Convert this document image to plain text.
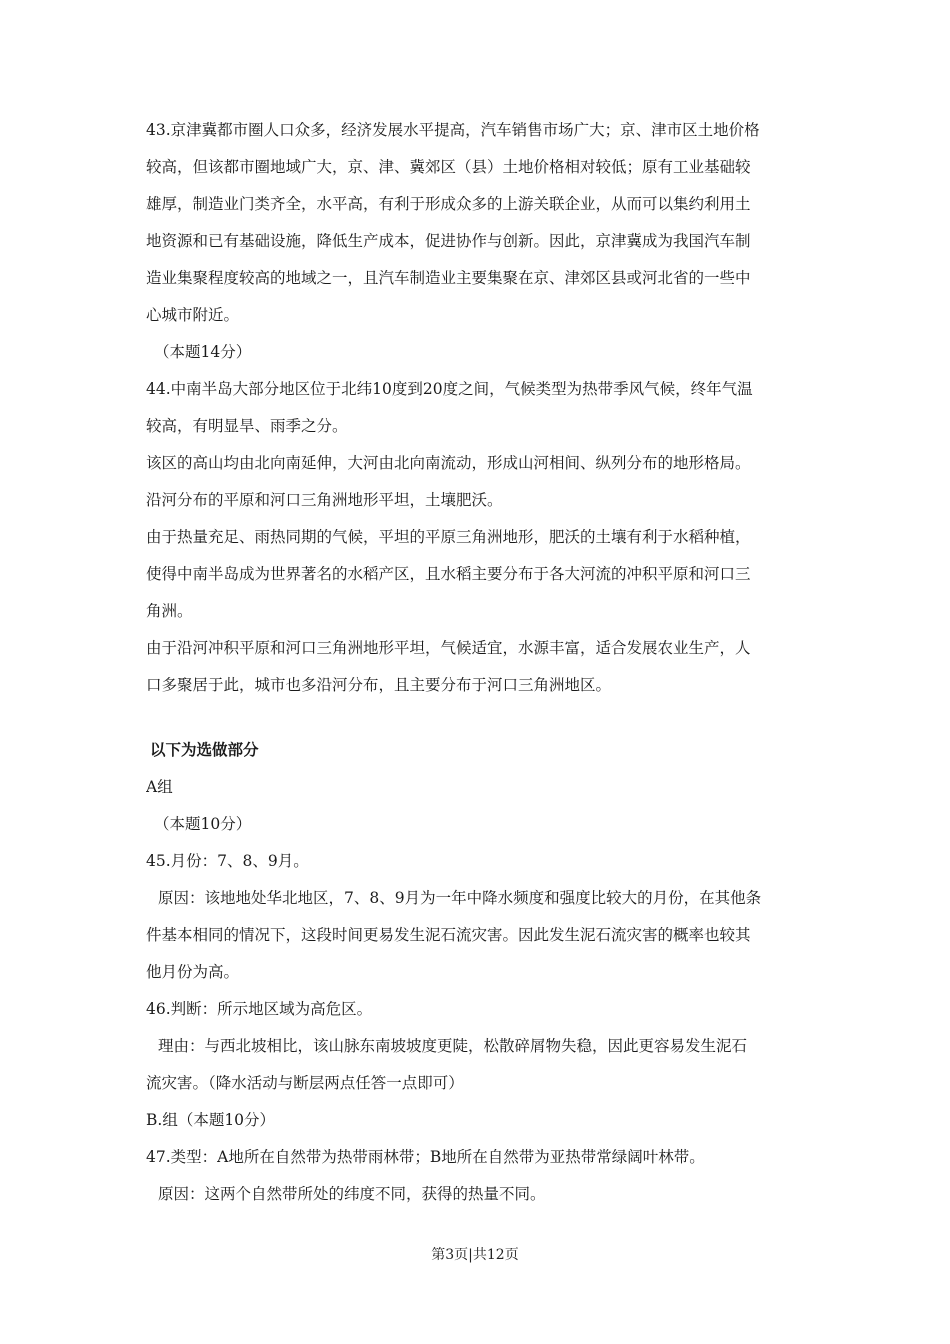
43.京津冀都市圈人口众多，经济发展水平提高，汽车销售市场广大；京、津市区土地价格
较高，但该都市圈地域广大，京、津、冀郊区（县）土地价格相对较低；原有工业基础较
雄厚，制造业门类齐全，水平高，有利于形成众多的上游关联企业，从而可以集约利用土
地资源和已有基础设施，降低生产成本，促进协作与创新。因此，京津冀成为我国汽车制
造业集聚程度较高的地域之一，且汽车制造业主要集聚在京、津郊区县或河北省的一些中
心城市附近。
（本题14分）
44.中南半岛大部分地区位于北纬10度到20度之间，气候类型为热带季风气候，终年气温
较高，有明显旱、雨季之分。
该区的高山均由北向南延伸，大河由北向南流动，形成山河相间、纵列分布的地形格局。
沿河分布的平原和河口三角洲地形平坦，土壤肥沃。
由于热量充足、雨热同期的气候，平坦的平原三角洲地形，肥沃的土壤有利于水稻种植，
使得中南半岛成为世界著名的水稻产区，且水稻主要分布于各大河流的冲积平原和河口三
角洲。
由于沿河冲积平原和河口三角洲地形平坦，气候适宜，水源丰富，适合发展农业生产，人
口多聚居于此，城市也多沿河分布，且主要分布于河口三角洲地区。
以下为选做部分
A组
（本题10分）
45.月份：7、8、9月。
原因：该地地处华北地区，7、8、9月为一年中降水频度和强度比较大的月份，在其他条
件基本相同的情况下，这段时间更易发生泥石流灾害。因此发生泥石流灾害的概率也较其
他月份为高。
46.判断：所示地区域为高危区。
理由：与西北坡相比，该山脉东南坡坡度更陡，松散碎屑物失稳，因此更容易发生泥石
流灾害。（降水活动与断层两点任答一点即可）
B.组（本题10分）
47.类型：A地所在自然带为热带雨林带；B地所在自然带为亚热带常绿阔叶林带。
原因：这两个自然带所处的纬度不同，获得的热量不同。
第3页|共12页
